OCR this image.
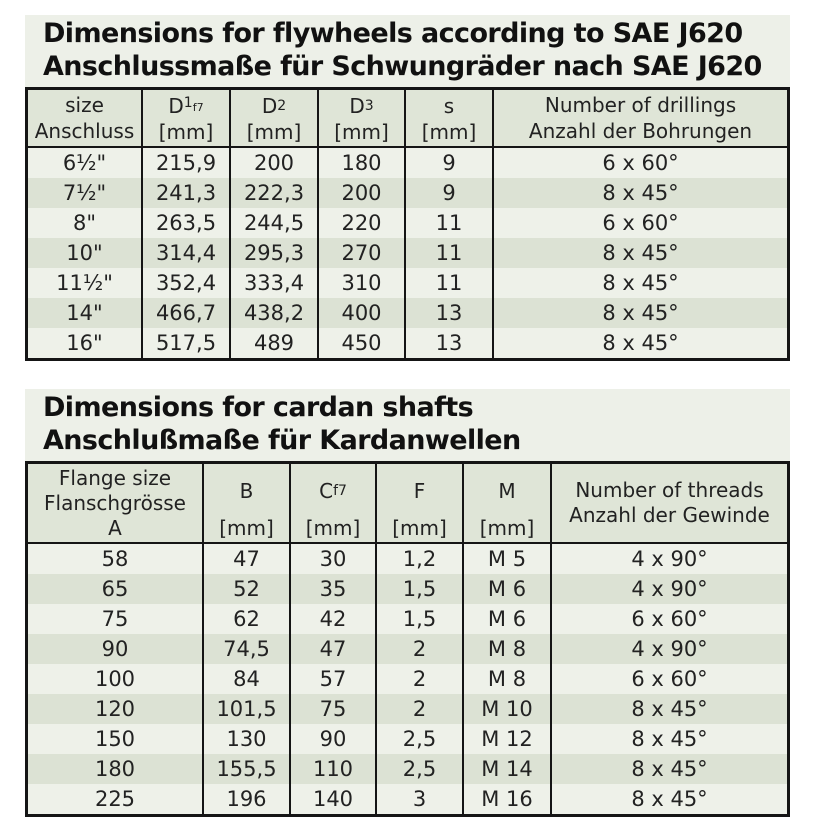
Dimensions for flywheels according to SAE J620
Anschlussmaße für Schwungräder nach SAE J620
size
Anschluss

D $1_{f7}$
[mm]

D 2
[mm]

D 3
[mm]

s
[mm]

Number of drillings
Anzahl der Bohrungen

6½"	215,9	200	180	9	6 x 60°
7½"	241,3	222,3	200	9	8 x 45°
8"	263,5	244,5	220	11	6 x 60°
10"	314,4	295,3	270	11	8 x 45°
11½"	352,4	333,4	310	11	8 x 45°
14"	466,7	438,2	400	13	8 x 45°
16"	517,5	489	450	13	8 x 45°
Dimensions for cardan shafts
Anschlußmaße für Kardanwellen
Flange size
Flanschgrösse
A

B
[mm]

C f7
[mm]

F
[mm]

M
[mm]

Number of threads
Anzahl der Gewinde

58	47	30	1,2	M 5	4 x 90°
65	52	35	1,5	M 6	4 x 90°
75	62	42	1,5	M 6	6 x 60°
90	74,5	47	2	M 8	4 x 90°
100	84	57	2	M 8	6 x 60°
120	101,5	75	2	M 10	8 x 45°
150	130	90	2,5	M 12	8 x 45°
180	155,5	110	2,5	M 14	8 x 45°
225	196	140	3	M 16	8 x 45°
